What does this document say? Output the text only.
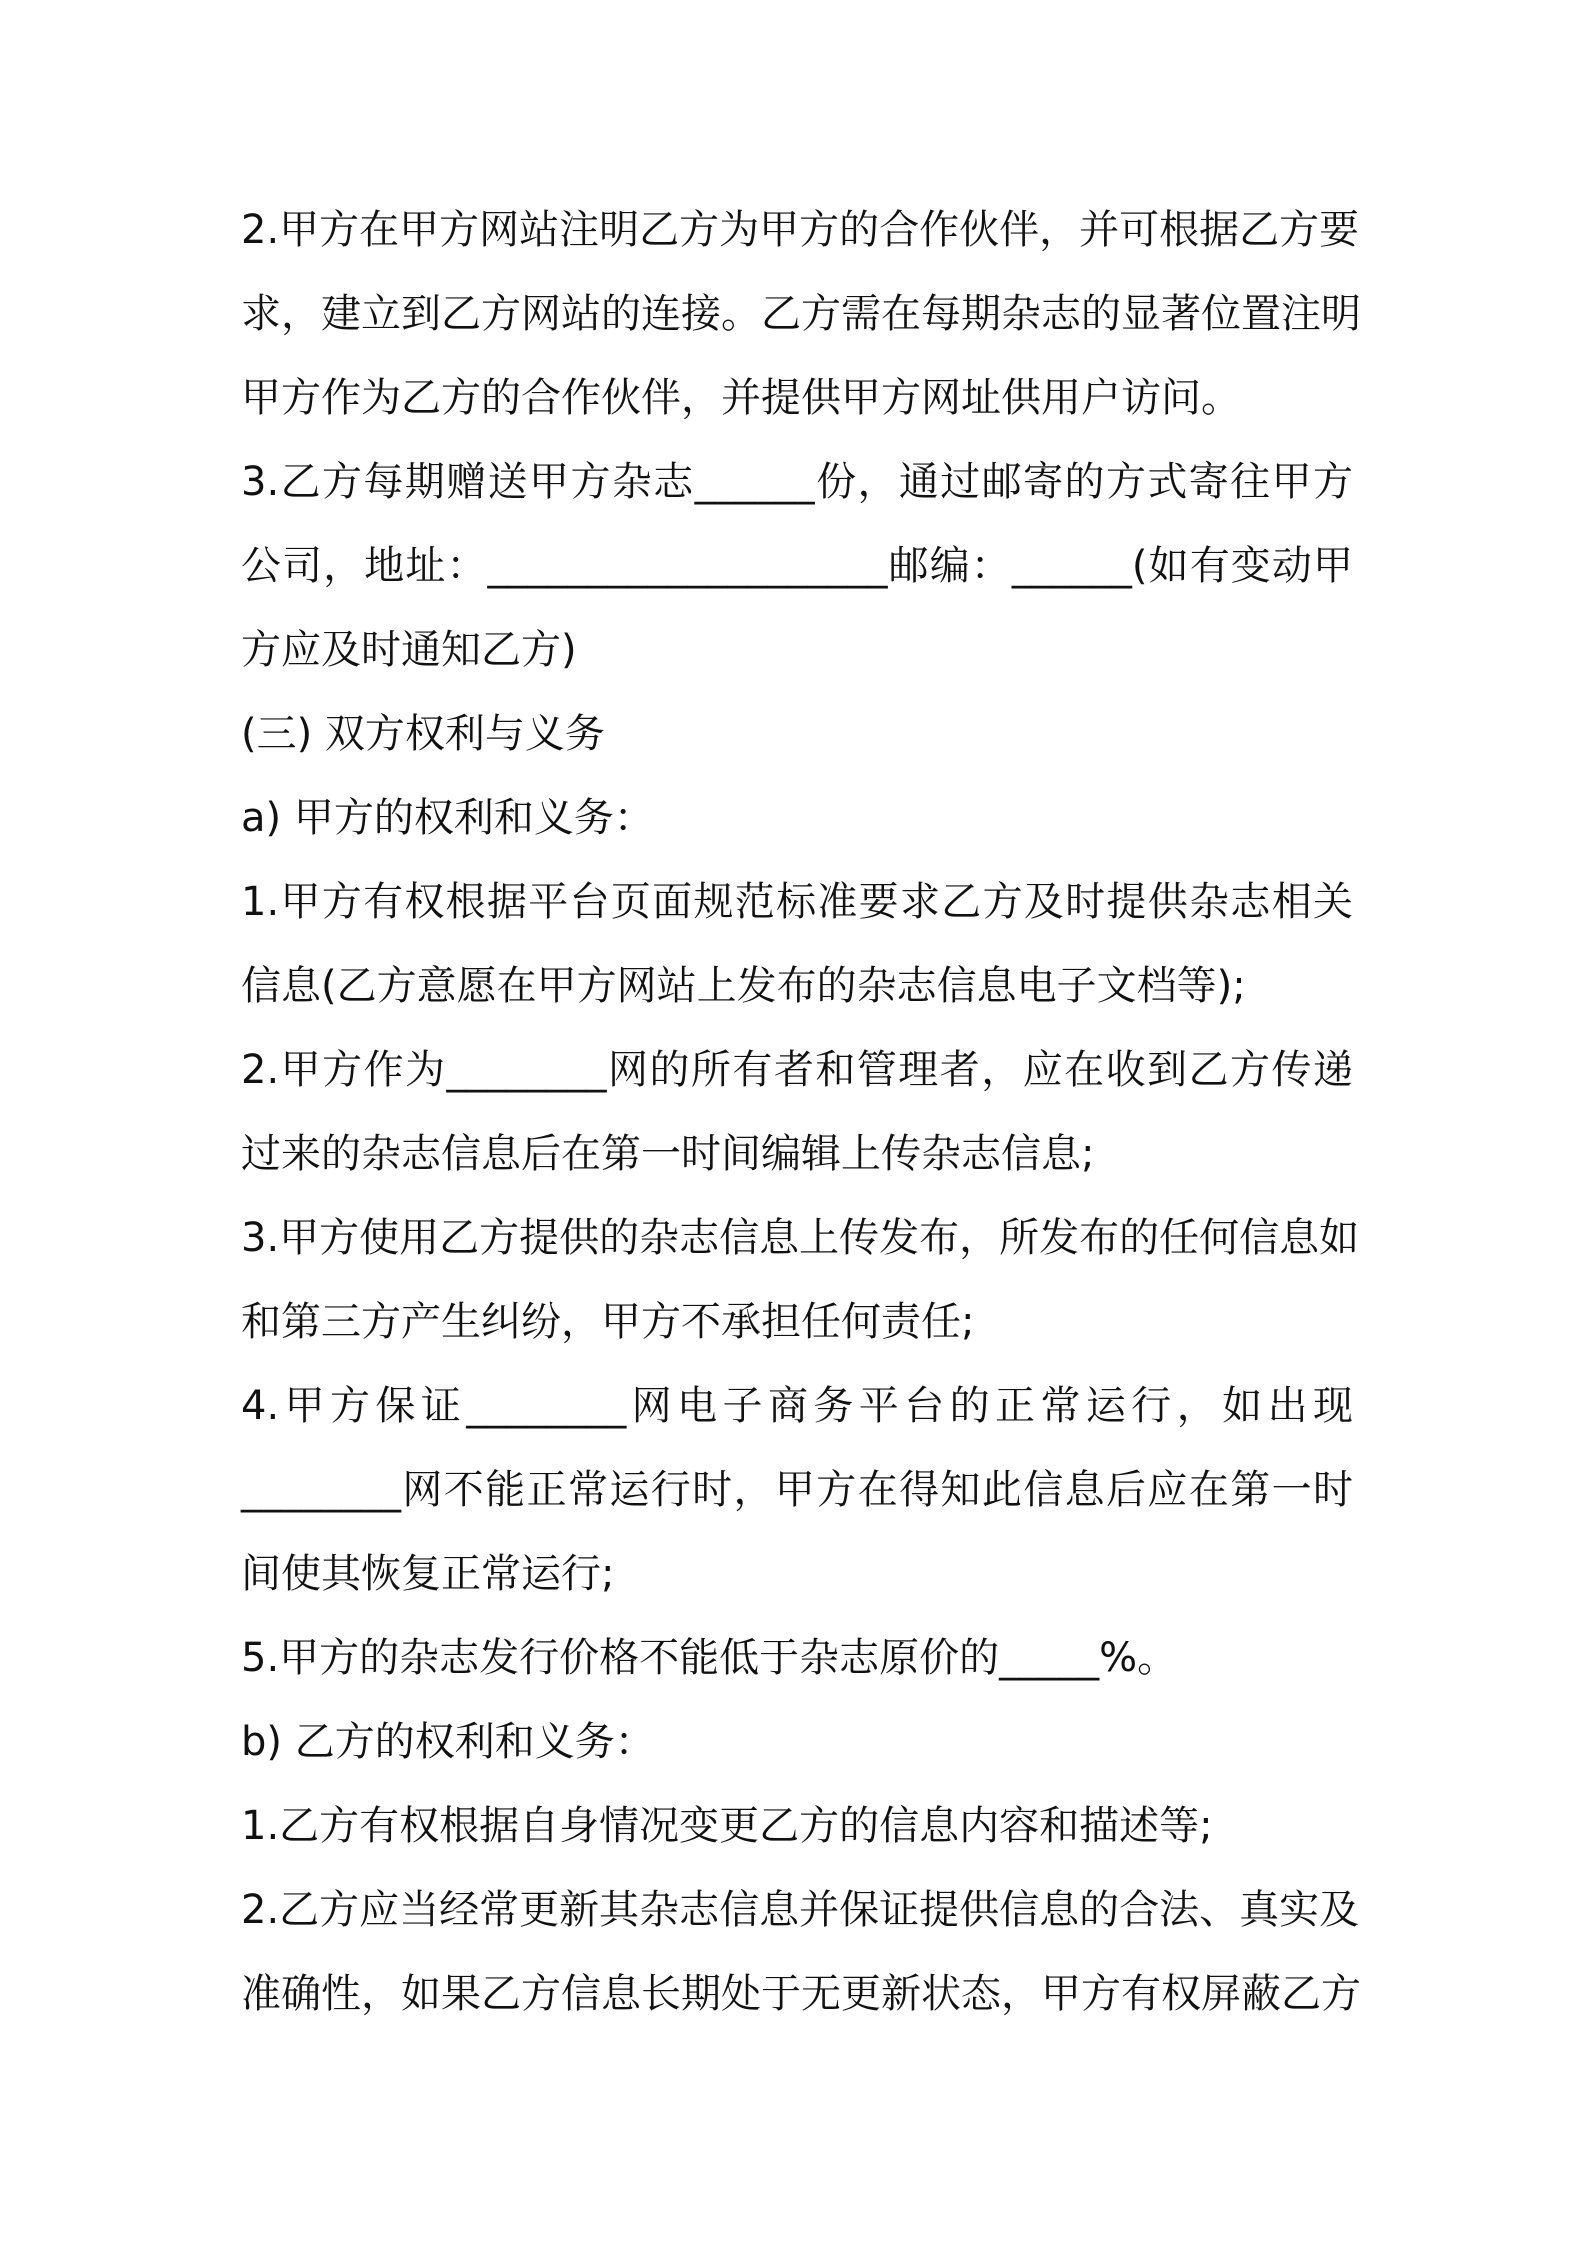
2.甲方在甲方网站注明乙方为甲方的合作伙伴，并可根据乙方要
求，建立到乙方网站的连接。乙方需在每期杂志的显著位置注明
甲方作为乙方的合作伙伴，并提供甲方网址供用户访问。
3.乙方每期赠送甲方杂志______份，通过邮寄的方式寄往甲方
公司，地址：____________________邮编：______(如有变动甲
方应及时通知乙方)
(三) 双方权利与义务
a) 甲方的权利和义务：
1.甲方有权根据平台页面规范标准要求乙方及时提供杂志相关
信息(乙方意愿在甲方网站上发布的杂志信息电子文档等);
2.甲方作为________网的所有者和管理者，应在收到乙方传递
过来的杂志信息后在第一时间编辑上传杂志信息;
3.甲方使用乙方提供的杂志信息上传发布，所发布的任何信息如
和第三方产生纠纷，甲方不承担任何责任;
4.甲方保证________网电子商务平台的正常运行，如出现
________网不能正常运行时，甲方在得知此信息后应在第一时
间使其恢复正常运行;
5.甲方的杂志发行价格不能低于杂志原价的_____%。
b) 乙方的权利和义务：
1.乙方有权根据自身情况变更乙方的信息内容和描述等;
2.乙方应当经常更新其杂志信息并保证提供信息的合法、真实及
准确性，如果乙方信息长期处于无更新状态，甲方有权屏蔽乙方
